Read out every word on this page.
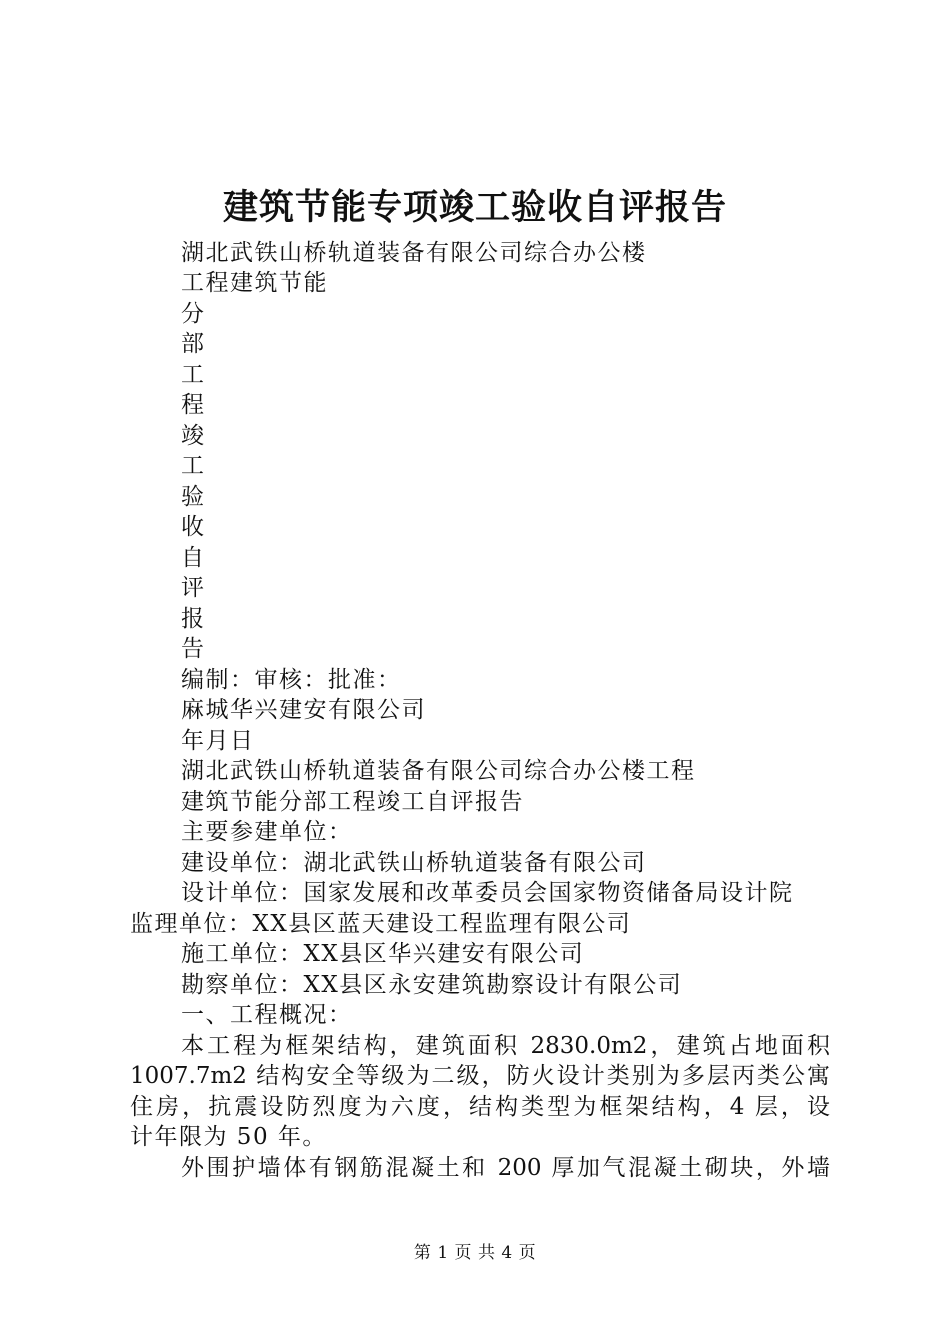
建筑节能专项竣工验收自评报告
湖北武铁山桥轨道装备有限公司综合办公楼
工程建筑节能
分
部
工
程
竣
工
验
收
自
评
报
告
编制：审核：批准：
麻城华兴建安有限公司
年月日
湖北武铁山桥轨道装备有限公司综合办公楼工程
建筑节能分部工程竣工自评报告
主要参建单位：
建设单位：湖北武铁山桥轨道装备有限公司
设计单位：国家发展和改革委员会国家物资储备局设计院
监理单位：XX县区蓝天建设工程监理有限公司
施工单位：XX县区华兴建安有限公司
勘察单位：XX县区永安建筑勘察设计有限公司
一、工程概况：
本工程为框架结构，建筑面积 2830.0m2，建筑占地面积
1007.7m2 结构安全等级为二级，防火设计类别为多层丙类公寓
住房，抗震设防烈度为六度，结构类型为框架结构，4 层，设
计年限为 50 年。
外围护墙体有钢筋混凝土和 200 厚加气混凝土砌块，外墙
第 1 页 共 4 页
